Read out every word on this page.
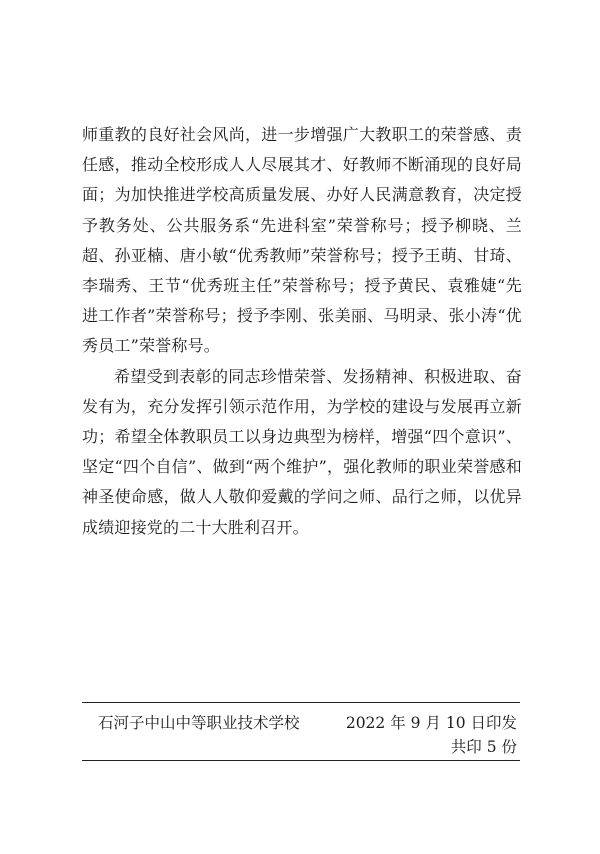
师重教的良好社会风尚，进一步增强广大教职工的荣誉感、责任感，推动全校形成人人尽展其才、好教师不断涌现的良好局面；为加快推进学校高质量发展、办好人民满意教育，决定授予教务处、公共服务系“先进科室”荣誉称号；授予柳晓、兰超、孙亚楠、唐小敏“优秀教师”荣誉称号；授予王萌、甘琦、李瑞秀、王节“优秀班主任”荣誉称号；授予黄民、袁雅婕“先进工作者”荣誉称号；授予李刚、张美丽、马明录、张小涛“优秀员工”荣誉称号。

希望受到表彰的同志珍惜荣誉、发扬精神、积极进取、奋发有为，充分发挥引领示范作用，为学校的建设与发展再立新功；希望全体教职员工以身边典型为榜样，增强“四个意识”、坚定“四个自信”、做到“两个维护”，强化教师的职业荣誉感和神圣使命感，做人人敬仰爱戴的学问之师、品行之师，以优异成绩迎接党的二十大胜利召开。

石河子中山中等职业技术学校	2022 年 9 月 10 日印发
共印 5 份
